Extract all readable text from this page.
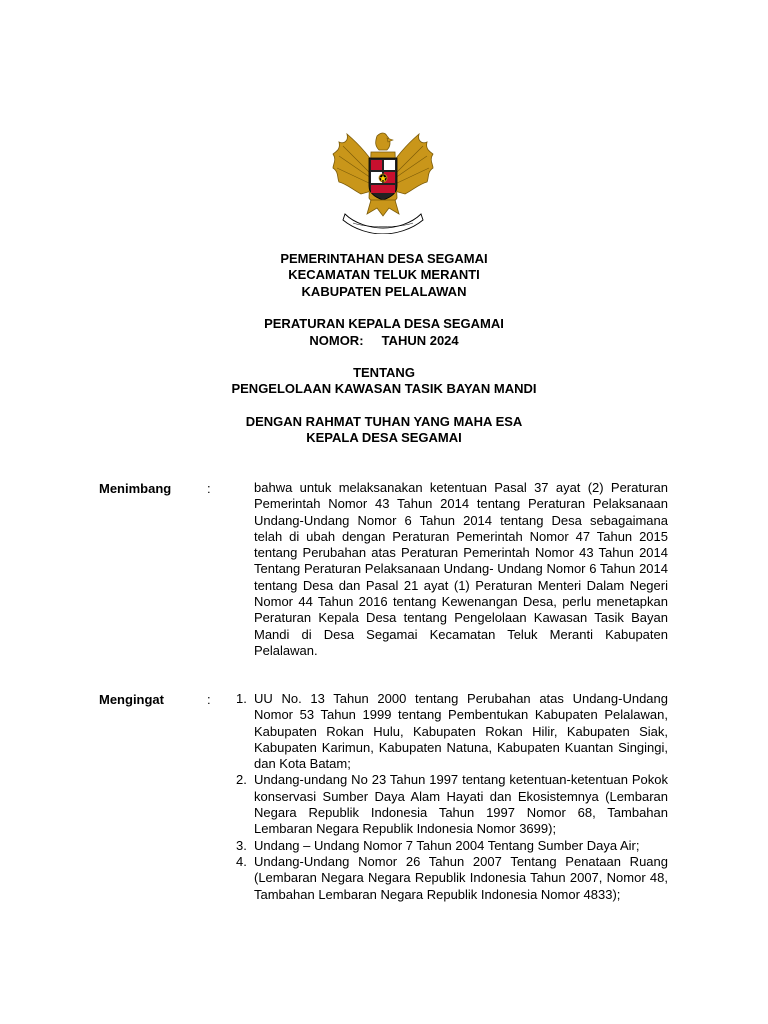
PEMERINTAHAN DESA SEGAMAI
KECAMATAN TELUK MERANTI
KABUPATEN PELALAWAN
PERATURAN KEPALA DESA SEGAMAI
NOMOR:     TAHUN 2024
TENTANG
PENGELOLAAN KAWASAN TASIK BAYAN MANDI
DENGAN RAHMAT TUHAN YANG MAHA ESA
KEPALA DESA SEGAMAI
Menimbang	:	bahwa untuk melaksanakan ketentuan Pasal 37 ayat (2) Peraturan Pemerintah Nomor 43 Tahun 2014 tentang Peraturan Pelaksanaan Undang-Undang Nomor 6 Tahun 2014 tentang Desa sebagaimana telah di ubah dengan Peraturan Pemerintah Nomor 47 Tahun 2015 tentang Perubahan atas Peraturan Pemerintah Nomor 43 Tahun 2014 Tentang Peraturan Pelaksanaan Undang- Undang Nomor 6 Tahun 2014 tentang Desa dan Pasal 21 ayat (1) Peraturan Menteri Dalam Negeri Nomor 44 Tahun 2016 tentang Kewenangan Desa, perlu menetapkan Peraturan Kepala Desa tentang Pengelolaan Kawasan Tasik Bayan Mandi di Desa Segamai Kecamatan Teluk Meranti Kabupaten Pelalawan.
Mengingat	: 1. UU No. 13 Tahun 2000 tentang Perubahan atas Undang-Undang Nomor 53 Tahun 1999 tentang Pembentukan Kabupaten Pelalawan, Kabupaten Rokan Hulu, Kabupaten Rokan Hilir, Kabupaten Siak, Kabupaten Karimun, Kabupaten Natuna, Kabupaten Kuantan Singingi, dan Kota Batam;
2. Undang-undang No 23 Tahun 1997 tentang ketentuan-ketentuan Pokok konservasi Sumber Daya Alam Hayati dan Ekosistemnya (Lembaran Negara Republik Indonesia Tahun 1997 Nomor 68, Tambahan Lembaran Negara Republik Indonesia Nomor 3699);
3. Undang – Undang Nomor 7 Tahun 2004 Tentang Sumber Daya Air;
4. Undang-Undang Nomor 26 Tahun 2007 Tentang Penataan Ruang (Lembaran Negara Negara Republik Indonesia Tahun 2007, Nomor 48, Tambahan Lembaran Negara Republik Indonesia Nomor 4833);
